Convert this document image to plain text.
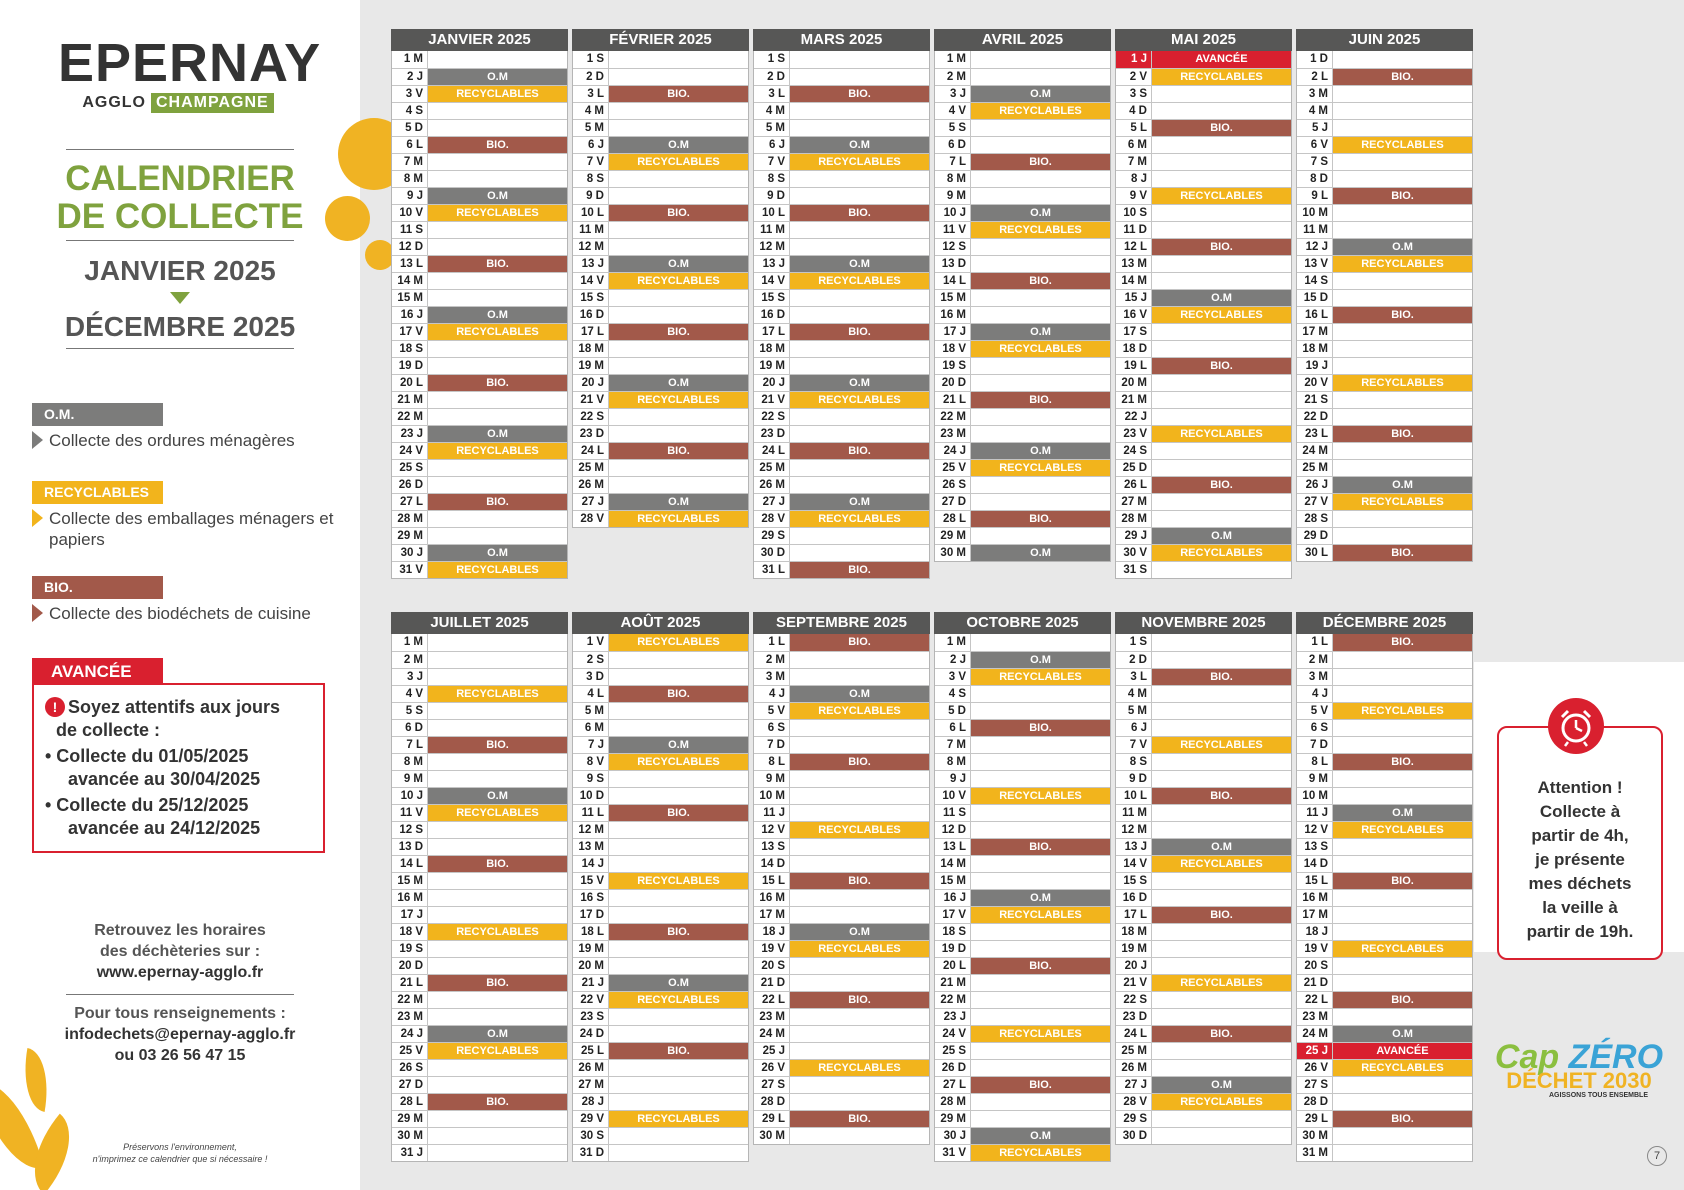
EPERNAY
AGGLO CHAMPAGNE
CALENDRIER
DE COLLECTE
JANVIER 2025
DÉCEMBRE 2025
O.M.
Collecte des ordures ménagères
RECYCLABLES
Collecte des emballages ménagers et papiers
BIO.
Collecte des biodéchets de cuisine
AVANCÉE
! Soyez attentifs aux jours
de collecte :
• Collecte du 01/05/2025
avancée au 30/04/2025
• Collecte du 25/12/2025
avancée au 24/12/2025
Retrouvez les horaires
des déchèteries sur :
www.epernay-agglo.fr
Pour tous renseignements :
infodechets@epernay-agglo.fr
ou 03 26 56 47 15
Préservons l'environnement,
n'imprimez ce calendrier que si nécessaire !
JANVIER 2025
1 M
2 J	O.M
3 V	RECYCLABLES
4 S
5 D
6 L	BIO.
7 M
8 M
9 J	O.M
10 V	RECYCLABLES
11 S
12 D
13 L	BIO.
14 M
15 M
16 J	O.M
17 V	RECYCLABLES
18 S
19 D
20 L	BIO.
21 M
22 M
23 J	O.M
24 V	RECYCLABLES
25 S
26 D
27 L	BIO.
28 M
29 M
30 J	O.M
31 V	RECYCLABLES
FÉVRIER 2025
1 S
2 D
3 L	BIO.
4 M
5 M
6 J	O.M
7 V	RECYCLABLES
8 S
9 D
10 L	BIO.
11 M
12 M
13 J	O.M
14 V	RECYCLABLES
15 S
16 D
17 L	BIO.
18 M
19 M
20 J	O.M
21 V	RECYCLABLES
22 S
23 D
24 L	BIO.
25 M
26 M
27 J	O.M
28 V	RECYCLABLES
MARS 2025
1 S
2 D
3 L	BIO.
4 M
5 M
6 J	O.M
7 V	RECYCLABLES
8 S
9 D
10 L	BIO.
11 M
12 M
13 J	O.M
14 V	RECYCLABLES
15 S
16 D
17 L	BIO.
18 M
19 M
20 J	O.M
21 V	RECYCLABLES
22 S
23 D
24 L	BIO.
25 M
26 M
27 J	O.M
28 V	RECYCLABLES
29 S
30 D
31 L	BIO.
AVRIL 2025
1 M
2 M
3 J	O.M
4 V	RECYCLABLES
5 S
6 D
7 L	BIO.
8 M
9 M
10 J	O.M
11 V	RECYCLABLES
12 S
13 D
14 L	BIO.
15 M
16 M
17 J	O.M
18 V	RECYCLABLES
19 S
20 D
21 L	BIO.
22 M
23 M
24 J	O.M
25 V	RECYCLABLES
26 S
27 D
28 L	BIO.
29 M
30 M	O.M
MAI 2025
1 J	AVANCÉE
2 V	RECYCLABLES
3 S
4 D
5 L	BIO.
6 M
7 M
8 J
9 V	RECYCLABLES
10 S
11 D
12 L	BIO.
13 M
14 M
15 J	O.M
16 V	RECYCLABLES
17 S
18 D
19 L	BIO.
20 M
21 M
22 J
23 V	RECYCLABLES
24 S
25 D
26 L	BIO.
27 M
28 M
29 J	O.M
30 V	RECYCLABLES
31 S
JUIN 2025
1 D
2 L	BIO.
3 M
4 M
5 J
6 V	RECYCLABLES
7 S
8 D
9 L	BIO.
10 M
11 M
12 J	O.M
13 V	RECYCLABLES
14 S
15 D
16 L	BIO.
17 M
18 M
19 J
20 V	RECYCLABLES
21 S
22 D
23 L	BIO.
24 M
25 M
26 J	O.M
27 V	RECYCLABLES
28 S
29 D
30 L	BIO.
JUILLET 2025
1 M
2 M
3 J
4 V	RECYCLABLES
5 S
6 D
7 L	BIO.
8 M
9 M
10 J	O.M
11 V	RECYCLABLES
12 S
13 D
14 L	BIO.
15 M
16 M
17 J
18 V	RECYCLABLES
19 S
20 D
21 L	BIO.
22 M
23 M
24 J	O.M
25 V	RECYCLABLES
26 S
27 D
28 L	BIO.
29 M
30 M
31 J
AOÛT 2025
1 V	RECYCLABLES
2 S
3 D
4 L	BIO.
5 M
6 M
7 J	O.M
8 V	RECYCLABLES
9 S
10 D
11 L	BIO.
12 M
13 M
14 J
15 V	RECYCLABLES
16 S
17 D
18 L	BIO.
19 M
20 M
21 J	O.M
22 V	RECYCLABLES
23 S
24 D
25 L	BIO.
26 M
27 M
28 J
29 V	RECYCLABLES
30 S
31 D
SEPTEMBRE 2025
1 L	BIO.
2 M
3 M
4 J	O.M
5 V	RECYCLABLES
6 S
7 D
8 L	BIO.
9 M
10 M
11 J
12 V	RECYCLABLES
13 S
14 D
15 L	BIO.
16 M
17 M
18 J	O.M
19 V	RECYCLABLES
20 S
21 D
22 L	BIO.
23 M
24 M
25 J
26 V	RECYCLABLES
27 S
28 D
29 L	BIO.
30 M
OCTOBRE 2025
1 M
2 J	O.M
3 V	RECYCLABLES
4 S
5 D
6 L	BIO.
7 M
8 M
9 J
10 V	RECYCLABLES
11 S
12 D
13 L	BIO.
14 M
15 M
16 J	O.M
17 V	RECYCLABLES
18 S
19 D
20 L	BIO.
21 M
22 M
23 J
24 V	RECYCLABLES
25 S
26 D
27 L	BIO.
28 M
29 M
30 J	O.M
31 V	RECYCLABLES
NOVEMBRE 2025
1 S
2 D
3 L	BIO.
4 M
5 M
6 J
7 V	RECYCLABLES
8 S
9 D
10 L	BIO.
11 M
12 M
13 J	O.M
14 V	RECYCLABLES
15 S
16 D
17 L	BIO.
18 M
19 M
20 J
21 V	RECYCLABLES
22 S
23 D
24 L	BIO.
25 M
26 M
27 J	O.M
28 V	RECYCLABLES
29 S
30 D
DÉCEMBRE 2025
1 L	BIO.
2 M
3 M
4 J
5 V	RECYCLABLES
6 S
7 D
8 L	BIO.
9 M
10 M
11 J	O.M
12 V	RECYCLABLES
13 S
14 D
15 L	BIO.
16 M
17 M
18 J
19 V	RECYCLABLES
20 S
21 D
22 L	BIO.
23 M
24 M	O.M
25 J	AVANCÉE
26 V	RECYCLABLES
27 S
28 D
29 L	BIO.
30 M
31 M
Attention !
Collecte à
partir de 4h,
je présente
mes déchets
la veille à
partir de 19h.
Cap ZÉRO
DÉCHET 2030
AGISSONS TOUS ENSEMBLE
7
